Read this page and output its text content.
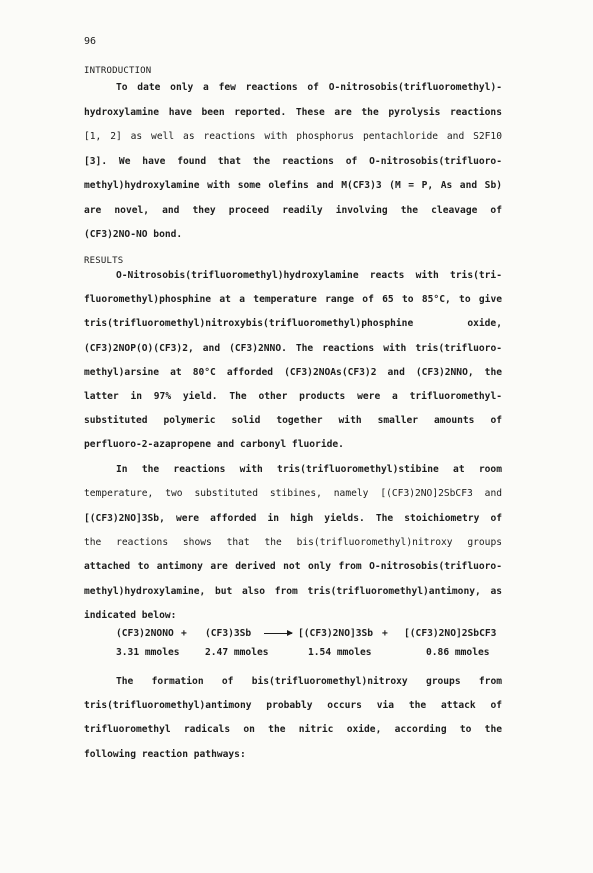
96
INTRODUCTION
To date only a few reactions of O-nitrosobis(trifluoromethyl)-
hydroxylamine have been reported. These are the pyrolysis reactions
[1, 2] as well as reactions with phosphorus pentachloride and S2F10
[3]. We have found that the reactions of O-nitrosobis(trifluoro-
methyl)hydroxylamine with some olefins and M(CF3)3 (M = P, As and Sb)
are novel, and they proceed readily involving the cleavage of
(CF3)2NO-NO bond.
RESULTS
O-Nitrosobis(trifluoromethyl)hydroxylamine reacts with tris(tri-
fluoromethyl)phosphine at a temperature range of 65 to 85°C, to give
tris(trifluoromethyl)nitroxybis(trifluoromethyl)phosphine oxide,
(CF3)2NOP(O)(CF3)2, and (CF3)2NNO. The reactions with tris(trifluoro-
methyl)arsine at 80°C afforded (CF3)2NOAs(CF3)2 and (CF3)2NNO, the
latter in 97% yield. The other products were a trifluoromethyl-
substituted polymeric solid together with smaller amounts of
perfluoro-2-azapropene and carbonyl fluoride.
In the reactions with tris(trifluoromethyl)stibine at room
temperature, two substituted stibines, namely [(CF3)2NO]2SbCF3 and
[(CF3)2NO]3Sb, were afforded in high yields. The stoichiometry of
the reactions shows that the bis(trifluoromethyl)nitroxy groups
attached to antimony are derived not only from O-nitrosobis(trifluoro-
methyl)hydroxylamine, but also from tris(trifluoromethyl)antimony, as
indicated below:
(CF3)2NONO + (CF3)3Sb → [(CF3)2NO]3Sb + [(CF3)2NO]2SbCF3
3.31 mmoles	2.47 mmoles	1.54 mmoles	0.86 mmoles
The formation of bis(trifluoromethyl)nitroxy groups from
tris(trifluoromethyl)antimony probably occurs via the attack of
trifluoromethyl radicals on the nitric oxide, according to the
following reaction pathways:
